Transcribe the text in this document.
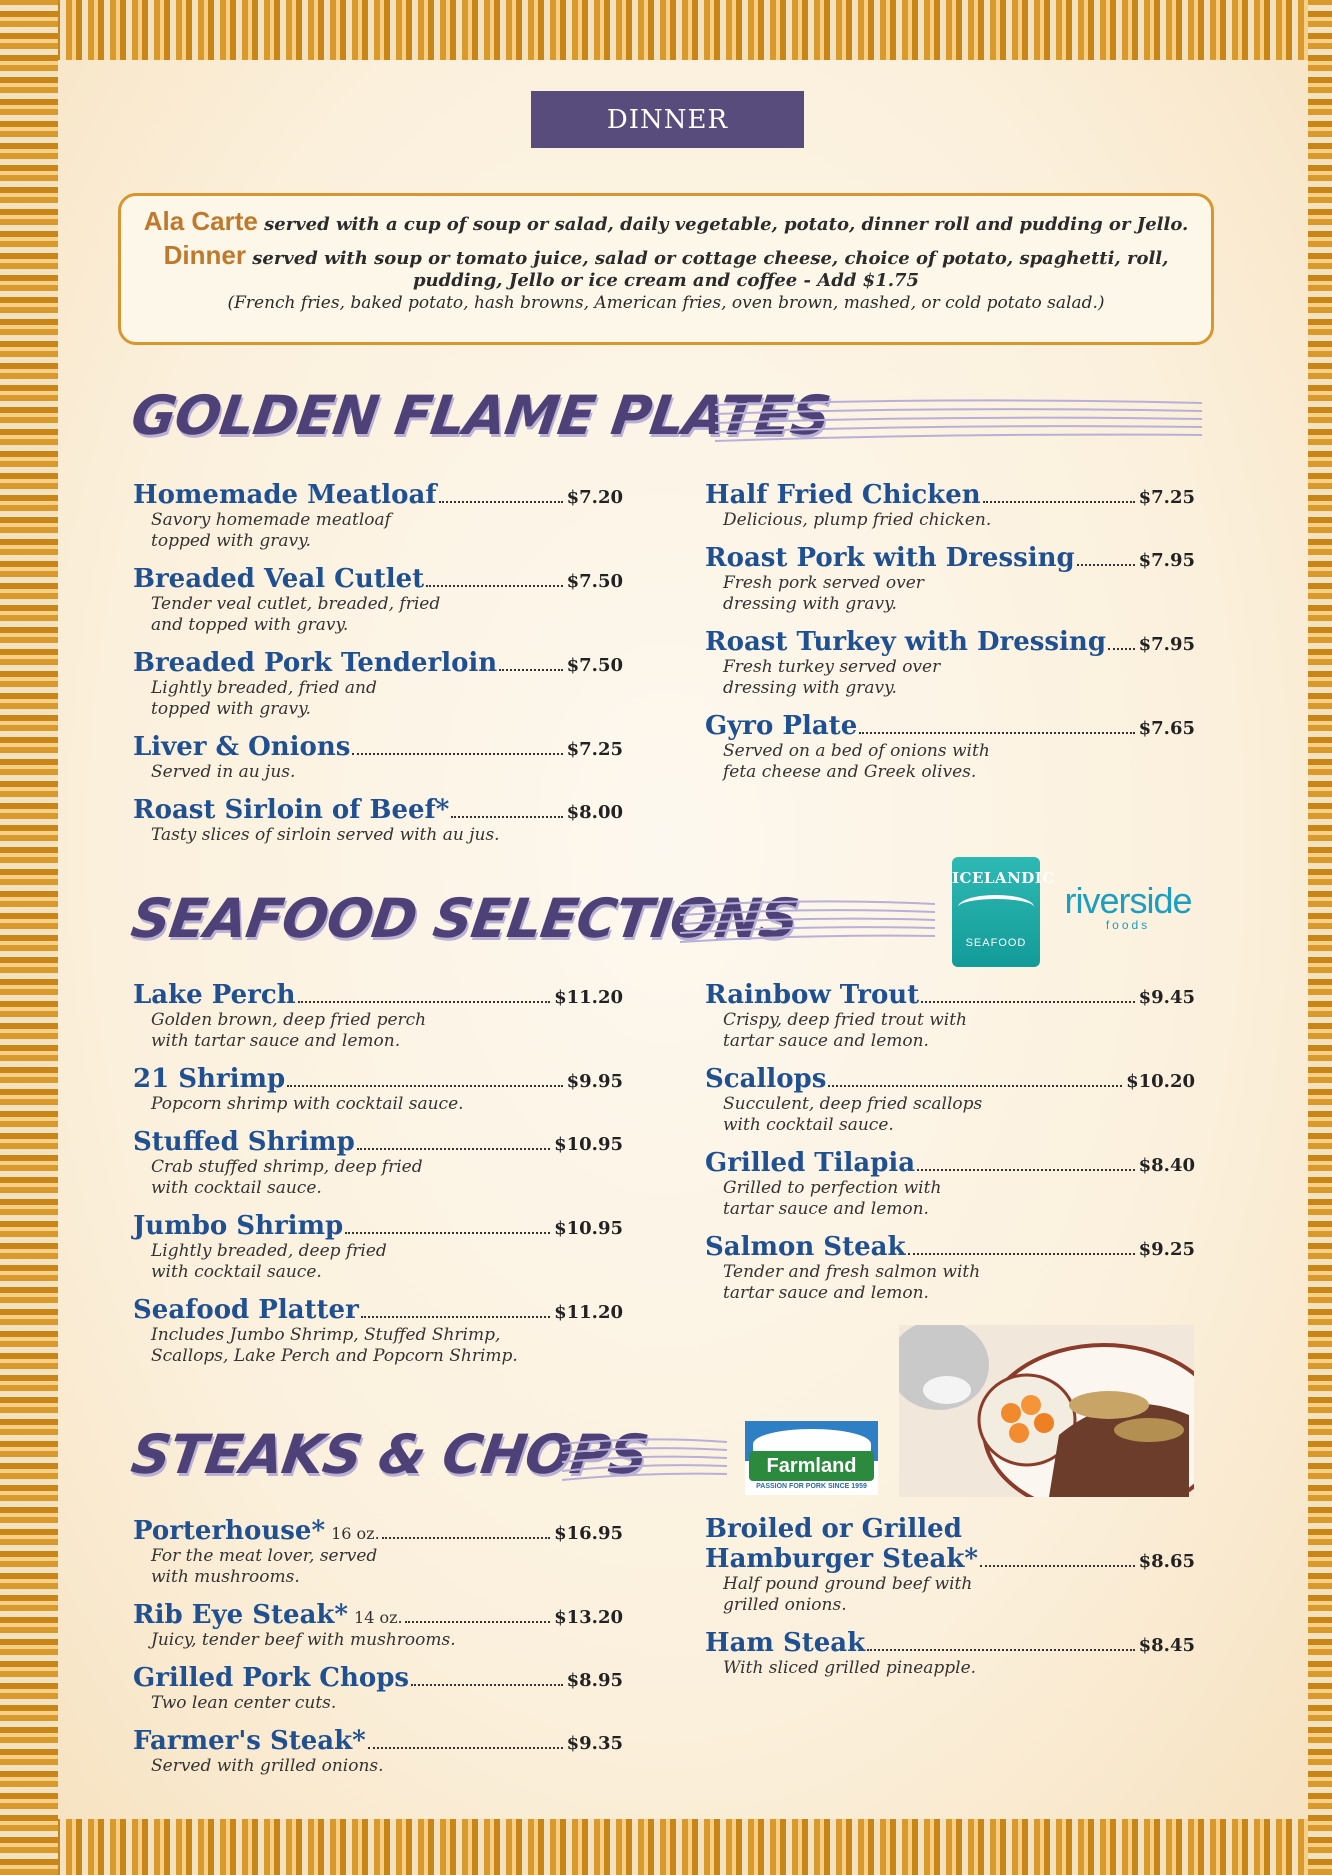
DINNER
Ala Carte served with a cup of soup or salad, daily vegetable, potato, dinner roll and pudding or Jello.
Dinner served with soup or tomato juice, salad or cottage cheese, choice of potato, spaghetti, roll,
pudding, Jello or ice cream and coffee - Add $1.75
(French fries, baked potato, hash browns, American fries, oven brown, mashed, or cold potato salad.)
GOLDEN FLAME PLATES
Homemade Meatloaf	$7.20
Savory homemade meatloaf
topped with gravy.
Breaded Veal Cutlet	$7.50
Tender veal cutlet, breaded, fried
and topped with gravy.
Breaded Pork Tenderloin	$7.50
Lightly breaded, fried and
topped with gravy.
Liver & Onions	$7.25
Served in au jus.
Roast Sirloin of Beef*	$8.00
Tasty slices of sirloin served with au jus.
Half Fried Chicken	$7.25
Delicious, plump fried chicken.
Roast Pork with Dressing	$7.95
Fresh pork served over
dressing with gravy.
Roast Turkey with Dressing $7.95
Fresh turkey served over
dressing with gravy.
Gyro Plate	$7.65
Served on a bed of onions with
feta cheese and Greek olives.
SEAFOOD SELECTIONS
ICELANDIC
SEAFOOD
riverside
foods
Lake Perch	$11.20
Golden brown, deep fried perch
with tartar sauce and lemon.
21 Shrimp	$9.95
Popcorn shrimp with cocktail sauce.
Stuffed Shrimp	$10.95
Crab stuffed shrimp, deep fried
with cocktail sauce.
Jumbo Shrimp	$10.95
Lightly breaded, deep fried
with cocktail sauce.
Seafood Platter	$11.20
Includes Jumbo Shrimp, Stuffed Shrimp,
Scallops, Lake Perch and Popcorn Shrimp.
Rainbow Trout	$9.45
Crispy, deep fried trout with
tartar sauce and lemon.
Scallops	$10.20
Succulent, deep fried scallops
with cocktail sauce.
Grilled Tilapia	$8.40
Grilled to perfection with
tartar sauce and lemon.
Salmon Steak	$9.25
Tender and fresh salmon with
tartar sauce and lemon.
STEAKS & CHOPS	Farmland
PASSION FOR PORK SINCE 1959
Porterhouse* 16 oz.	$16.95
For the meat lover, served
with mushrooms.
Rib Eye Steak* 14 oz.	$13.20
Juicy, tender beef with mushrooms.
Grilled Pork Chops	$8.95
Two lean center cuts.
Farmer's Steak*	$9.35
Served with grilled onions.
Broiled or Grilled
Hamburger Steak*	$8.65
Half pound ground beef with
grilled onions.
Ham Steak	$8.45
With sliced grilled pineapple.
